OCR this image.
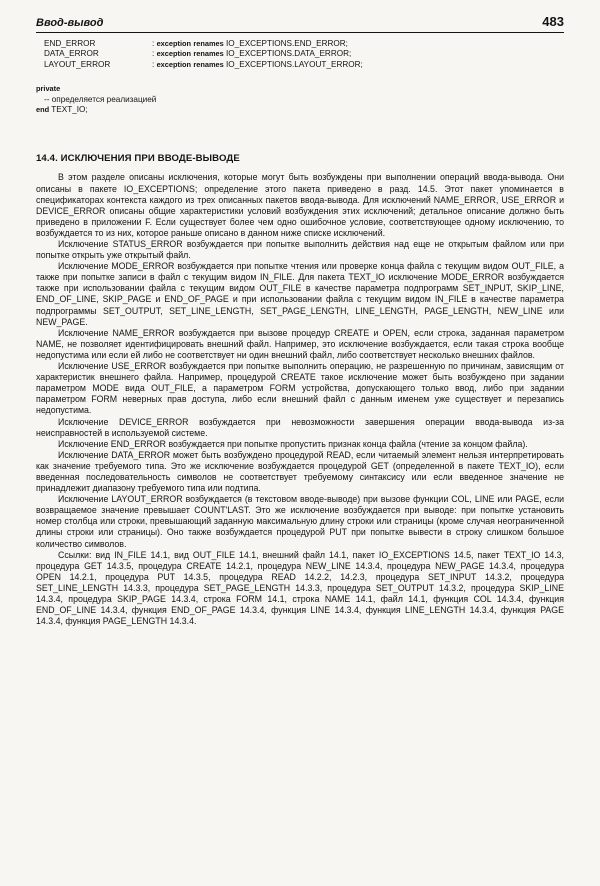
Ввод-вывод	483
END_ERROR	: exception renames IO_EXCEPTIONS.END_ERROR;
DATA_ERROR	: exception renames IO_EXCEPTIONS.DATA_ERROR;
LAYOUT_ERROR	: exception renames IO_EXCEPTIONS.LAYOUT_ERROR;
private
-- определяется реализацией
end TEXT_IO;
14.4. ИСКЛЮЧЕНИЯ ПРИ ВВОДЕ-ВЫВОДЕ

В этом разделе описаны исключения, которые могут быть возбуждены при выполнении операций ввода-вывода. Они описаны в пакете IO_EXCEPTIONS; определение этого пакета приведено в разд. 14.5. Этот пакет упоминается в спецификаторах контекста каждого из трех описанных пакетов ввода-вывода. Для исключений NAME_ERROR, USE_ERROR и DEVICE_ERROR описаны общие характеристики условий возбуждения этих исключений; детальное описание должно быть приведено в приложении F. Если существует более чем одно ошибочное условие, соответствующее одному исключению, то возбуждается то из них, которое раньше описано в данном ниже списке исключений.

Исключение STATUS_ERROR возбуждается при попытке выполнить действия над еще не открытым файлом или при попытке открыть уже открытый файл.

Исключение MODE_ERROR возбуждается при попытке чтения или проверке конца файла с текущим видом OUT_FILE, а также при попытке записи в файл с текущим видом IN_FILE. Для пакета TEXT_IO исключение MODE_ERROR возбуждается также при использовании файла с текущим видом OUT_FILE в качестве параметра подпрограмм SET_INPUT, SKIP_LINE, END_OF_LINE, SKIP_PAGE и END_OF_PAGE и при использовании файла с текущим видом IN_FILE в качестве параметра подпрограммы SET_OUTPUT, SET_LINE_LENGTH, SET_PAGE_LENGTH, LINE_LENGTH, PAGE_LENGTH, NEW_LINE или NEW_PAGE.

Исключение NAME_ERROR возбуждается при вызове процедур CREATE и OPEN, если строка, заданная параметром NAME, не позволяет идентифицировать внешний файл. Например, это исключение возбуждается, если такая строка вообще недопустима или если ей либо не соответствует ни один внешний файл, либо соответствует несколько внешних файлов.

Исключение USE_ERROR возбуждается при попытке выполнить операцию, не разрешенную по причинам, зависящим от характеристик внешнего файла. Например, процедурой CREATE такое исключение может быть возбуждено при задании параметром MODE вида OUT_FILE, а параметром FORM устройства, допускающего только ввод, либо при задании параметром FORM неверных прав доступа, либо если внешний файл с данным именем уже существует и перезапись недопустима.

Исключение DEVICE_ERROR возбуждается при невозможности завершения операции ввода-вывода из-за неисправностей в используемой системе.

Исключение END_ERROR возбуждается при попытке пропустить признак конца файла (чтение за концом файла).

Исключение DATA_ERROR может быть возбуждено процедурой READ, если читаемый элемент нельзя интерпретировать как значение требуемого типа. Это же исключение возбуждается процедурой GET (определенной в пакете TEXT_IO), если введенная последовательность символов не соответствует требуемому синтаксису или если введенное значение не принадлежит диапазону требуемого типа или подтипа.

Исключение LAYOUT_ERROR возбуждается (в текстовом вводе-выводе) при вызове функции COL, LINE или PAGE, если возвращаемое значение превышает COUNT'LAST. Это же исключение возбуждается при выводе: при попытке установить номер столбца или строки, превышающий заданную максимальную длину строки или страницы (кроме случая неограниченной длины строки или страницы). Оно также возбуждается процедурой PUT при попытке вывести в строку слишком большое количество символов.

Ссылки: вид IN_FILE 14.1, вид OUT_FILE 14.1, внешний файл 14.1, пакет IO_EXCEPTIONS 14.5, пакет TEXT_IO 14.3, процедура GET 14.3.5, процедура CREATE 14.2.1, процедура NEW_LINE 14.3.4, процедура NEW_PAGE 14.3.4, процедура OPEN 14.2.1, процедура PUT 14.3.5, процедура READ 14.2.2, 14.2.3, процедура SET_INPUT 14.3.2, процедура SET_LINE_LENGTH 14.3.3, процедура SET_PAGE_LENGTH 14.3.3, процедура SET_OUTPUT 14.3.2, процедура SKIP_LINE 14.3.4, процедура SKIP_PAGE 14.3.4, строка FORM 14.1, строка NAME 14.1, файл 14.1, функция COL 14.3.4, функция END_OF_LINE 14.3.4, функция END_OF_PAGE 14.3.4, функция LINE 14.3.4, функция LINE_LENGTH 14.3.4, функция PAGE 14.3.4, функция PAGE_LENGTH 14.3.4.
